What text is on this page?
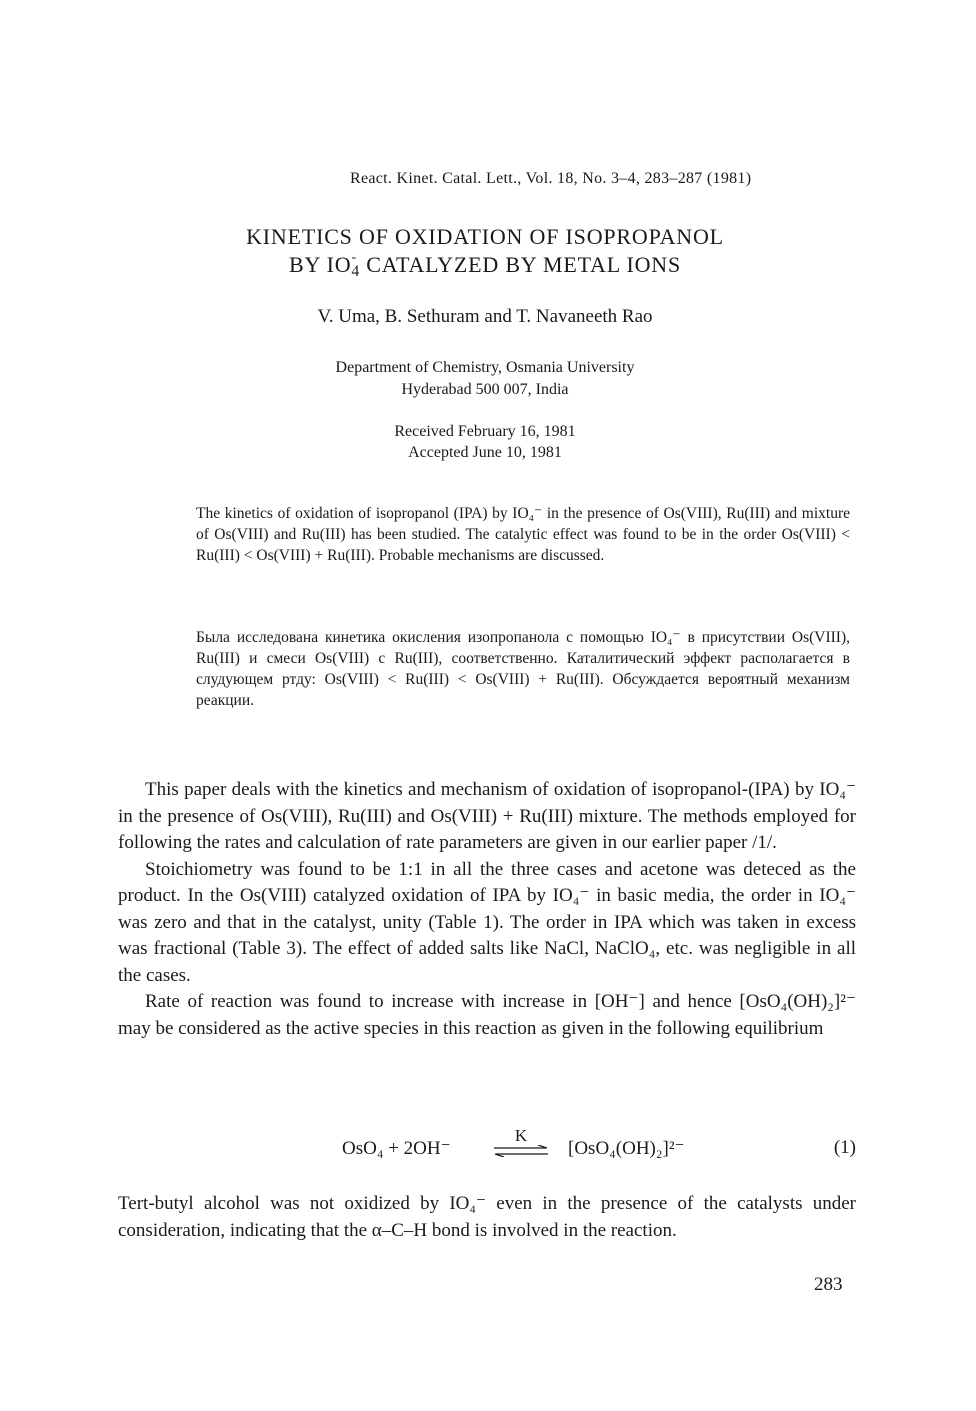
React. Kinet. Catal. Lett., Vol. 18, No. 3–4, 283–287 (1981)
KINETICS OF OXIDATION OF ISOPROPANOL
BY $IO_4$
- CATALYZED BY METAL IONS
V. Uma, B. Sethuram and T. Navaneeth Rao
Department of Chemistry, Osmania University
Hyderabad 500 007, India
Received February 16, 1981
Accepted June 10, 1981

The kinetics of oxidation of isopropanol (IPA) by IO₄⁻ in the presence of Os(VIII), Ru(III) and mixture of Os(VIII) and Ru(III) has been studied. The catalytic effect was found to be in the order Os(VIII) < Ru(III) < Os(VIII) + Ru(III). Probable mechanisms are discussed.

Была исследована кинетика окисления изопропанола с помощью IO₄⁻ в присутствии Os(VIII), Ru(III) и смеси Os(VIII) с Ru(III), соответственно. Каталитический эффект располагается в слудующем ртду: Os(VIII) < Ru(III) < Os(VIII) + Ru(III). Обсуждается вероятный механизм реакции.

This paper deals with the kinetics and mechanism of oxidation of isopropanol-(IPA) by IO₄⁻ in the presence of Os(VIII), Ru(III) and Os(VIII) + Ru(III) mixture. The methods employed for following the rates and calculation of rate parameters are given in our earlier paper /1/.

Stoichiometry was found to be 1:1 in all the three cases and acetone was deteced as the product. In the Os(VIII) catalyzed oxidation of IPA by IO₄⁻ in basic media, the order in IO₄⁻ was zero and that in the catalyst, unity (Table 1). The order in IPA which was taken in excess was fractional (Table 3). The effect of added salts like NaCl, NaClO₄, etc. was negligible in all the cases.

Rate of reaction was found to increase with increase in [OH⁻] and hence [OsO₄(OH)₂]²⁻ may be considered as the active species in this reaction as given in the following equilibrium

OsO₄ + 2OH⁻
K
[OsO₄(OH)₂]²⁻	(1)

Tert-butyl alcohol was not oxidized by IO₄⁻ even in the presence of the catalysts under consideration, indicating that the α–C–H bond is involved in the reaction.

283
